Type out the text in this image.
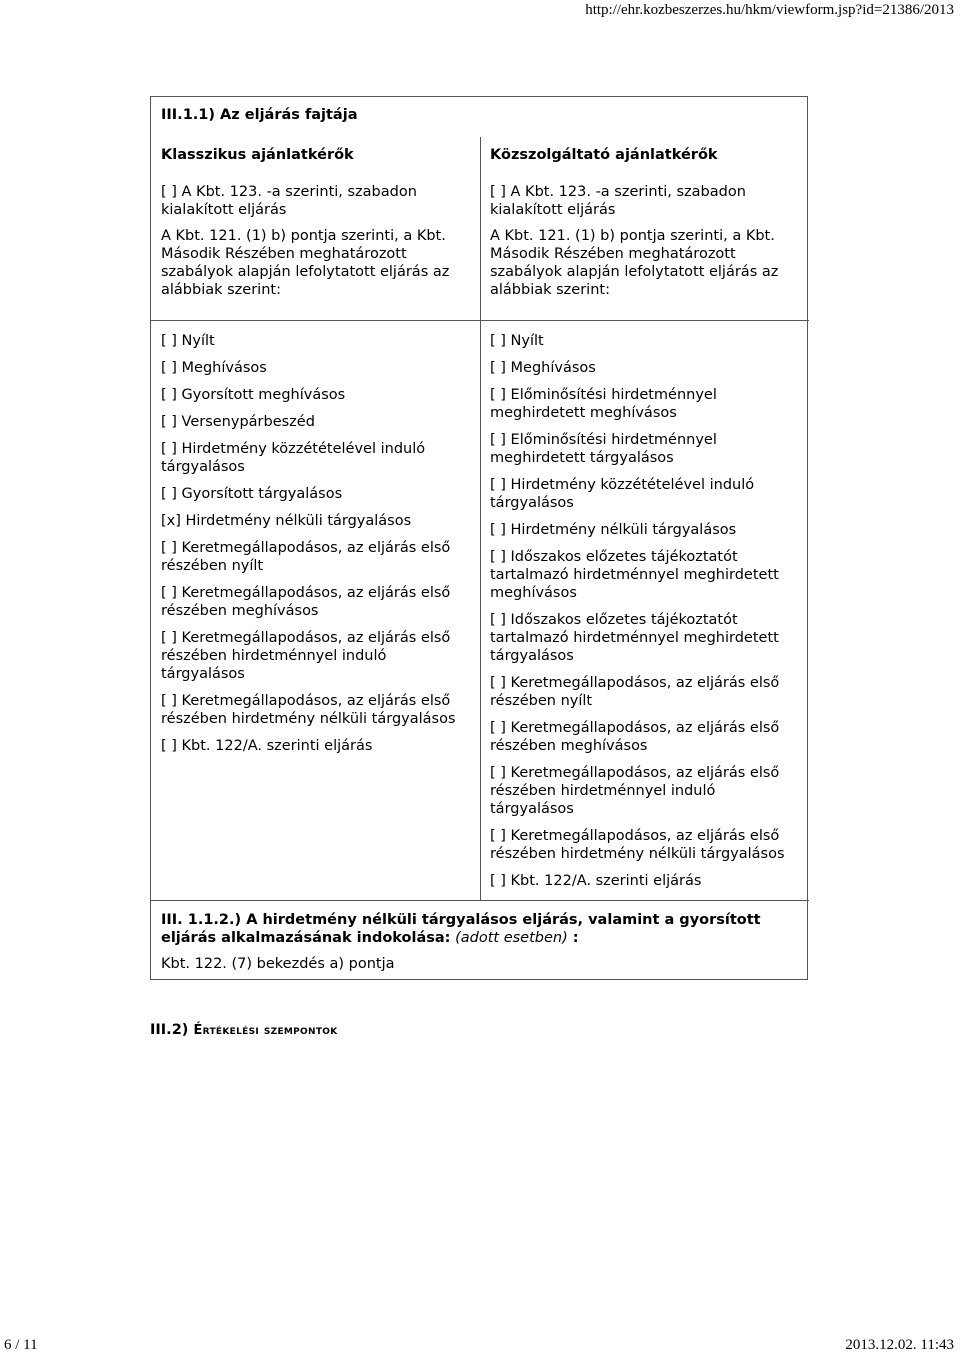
http://ehr.kozbeszerzes.hu/hkm/viewform.jsp?id=21386/2013
III.1.1) Az eljárás fajtája
Klasszikus ajánlatkérők	Közszolgáltató ajánlatkérők

[ ] A Kbt. 123. -a szerinti, szabadon kialakított eljárás

A Kbt. 121. (1) b) pontja szerinti, a Kbt. Második Részében meghatározott szabályok alapján lefolytatott eljárás az alábbiak szerint:

[ ] A Kbt. 123. -a szerinti, szabadon kialakított eljárás

A Kbt. 121. (1) b) pontja szerinti, a Kbt. Második Részében meghatározott szabályok alapján lefolytatott eljárás az alábbiak szerint:

[ ] Nyílt
[ ] Meghívásos
[ ] Gyorsított meghívásos
[ ] Versenypárbeszéd
[ ] Hirdetmény közzétételével induló tárgyalásos
[ ] Gyorsított tárgyalásos
[x] Hirdetmény nélküli tárgyalásos
[ ] Keretmegállapodásos, az eljárás első részében nyílt
[ ] Keretmegállapodásos, az eljárás első részében meghívásos
[ ] Keretmegállapodásos, az eljárás első részében hirdetménnyel induló tárgyalásos
[ ] Keretmegállapodásos, az eljárás első részében hirdetmény nélküli tárgyalásos
[ ] Kbt. 122/A. szerinti eljárás
[ ] Nyílt
[ ] Meghívásos
[ ] Előminősítési hirdetménnyel meghirdetett meghívásos
[ ] Előminősítési hirdetménnyel meghirdetett tárgyalásos
[ ] Hirdetmény közzétételével induló tárgyalásos
[ ] Hirdetmény nélküli tárgyalásos
[ ] Időszakos előzetes tájékoztatót tartalmazó hirdetménnyel meghirdetett meghívásos
[ ] Időszakos előzetes tájékoztatót tartalmazó hirdetménnyel meghirdetett tárgyalásos
[ ] Keretmegállapodásos, az eljárás első részében nyílt
[ ] Keretmegállapodásos, az eljárás első részében meghívásos
[ ] Keretmegállapodásos, az eljárás első részében hirdetménnyel induló tárgyalásos
[ ] Keretmegállapodásos, az eljárás első részében hirdetmény nélküli tárgyalásos
[ ] Kbt. 122/A. szerinti eljárás
III. 1.1.2.) A hirdetmény nélküli tárgyalásos eljárás, valamint a gyorsított eljárás alkalmazásának indokolása: (adott esetben) :
Kbt. 122. (7) bekezdés a) pontja
III.2) Értékelési szempontok
6 / 11	2013.12.02. 11:43
